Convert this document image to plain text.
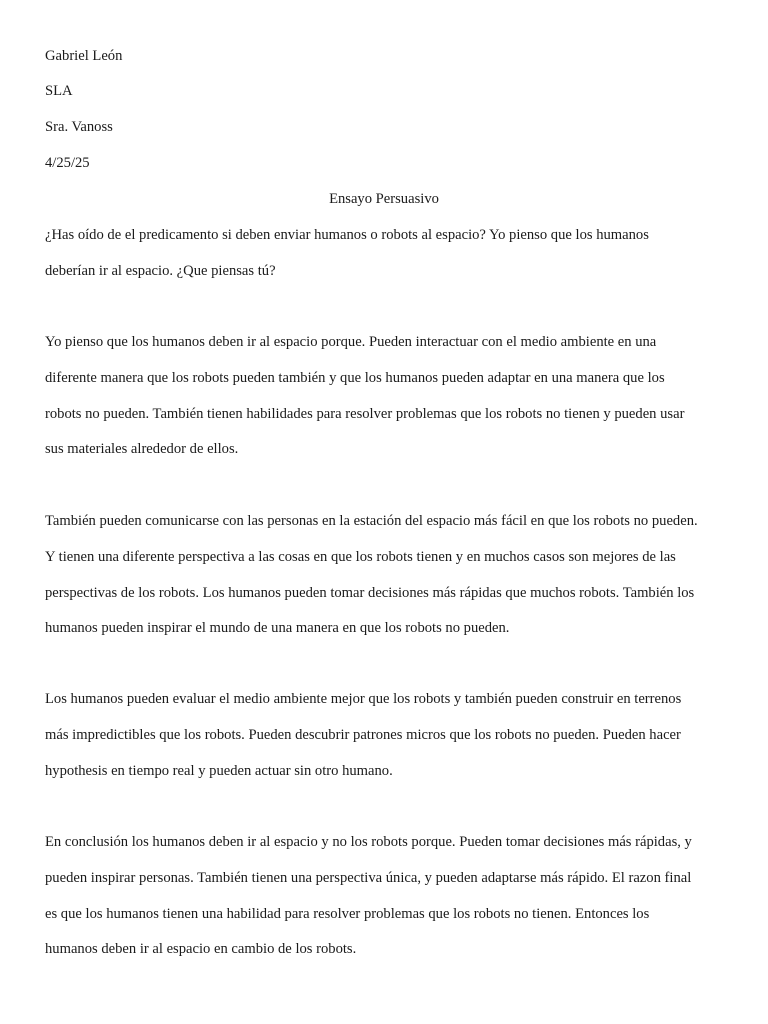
Gabriel León
SLA
Sra. Vanoss
4/25/25
Ensayo Persuasivo
¿Has oído de el predicamento si deben enviar humanos o robots al espacio? Yo pienso que los humanos
deberían ir al espacio. ¿Que piensas tú?
Yo pienso que los humanos deben ir al espacio porque. Pueden interactuar con el medio ambiente en una
diferente manera que los robots pueden también y que los humanos pueden adaptar en una manera que los
robots no pueden. También tienen habilidades para resolver problemas que los robots no tienen y pueden usar
sus materiales alrededor de ellos.
También pueden comunicarse con las personas en la estación del espacio más fácil en que los robots no pueden.
Y tienen una diferente perspectiva a las cosas en que los robots tienen y en muchos casos son mejores de las
perspectivas de los robots. Los humanos pueden tomar decisiones más rápidas que muchos robots. También los
humanos pueden inspirar el mundo de una manera en que los robots no pueden.
Los humanos pueden evaluar el medio ambiente mejor que los robots y también pueden construir en terrenos
más impredictibles que los robots. Pueden descubrir patrones micros que los robots no pueden. Pueden hacer
hypothesis en tiempo real y pueden actuar sin otro humano.
En conclusión los humanos deben ir al espacio y no los robots porque. Pueden tomar decisiones más rápidas, y
pueden inspirar personas. También tienen una perspectiva única, y pueden adaptarse más rápido. El razon final
es que los humanos tienen una habilidad para resolver problemas que los robots no tienen. Entonces los
humanos deben ir al espacio en cambio de los robots.
